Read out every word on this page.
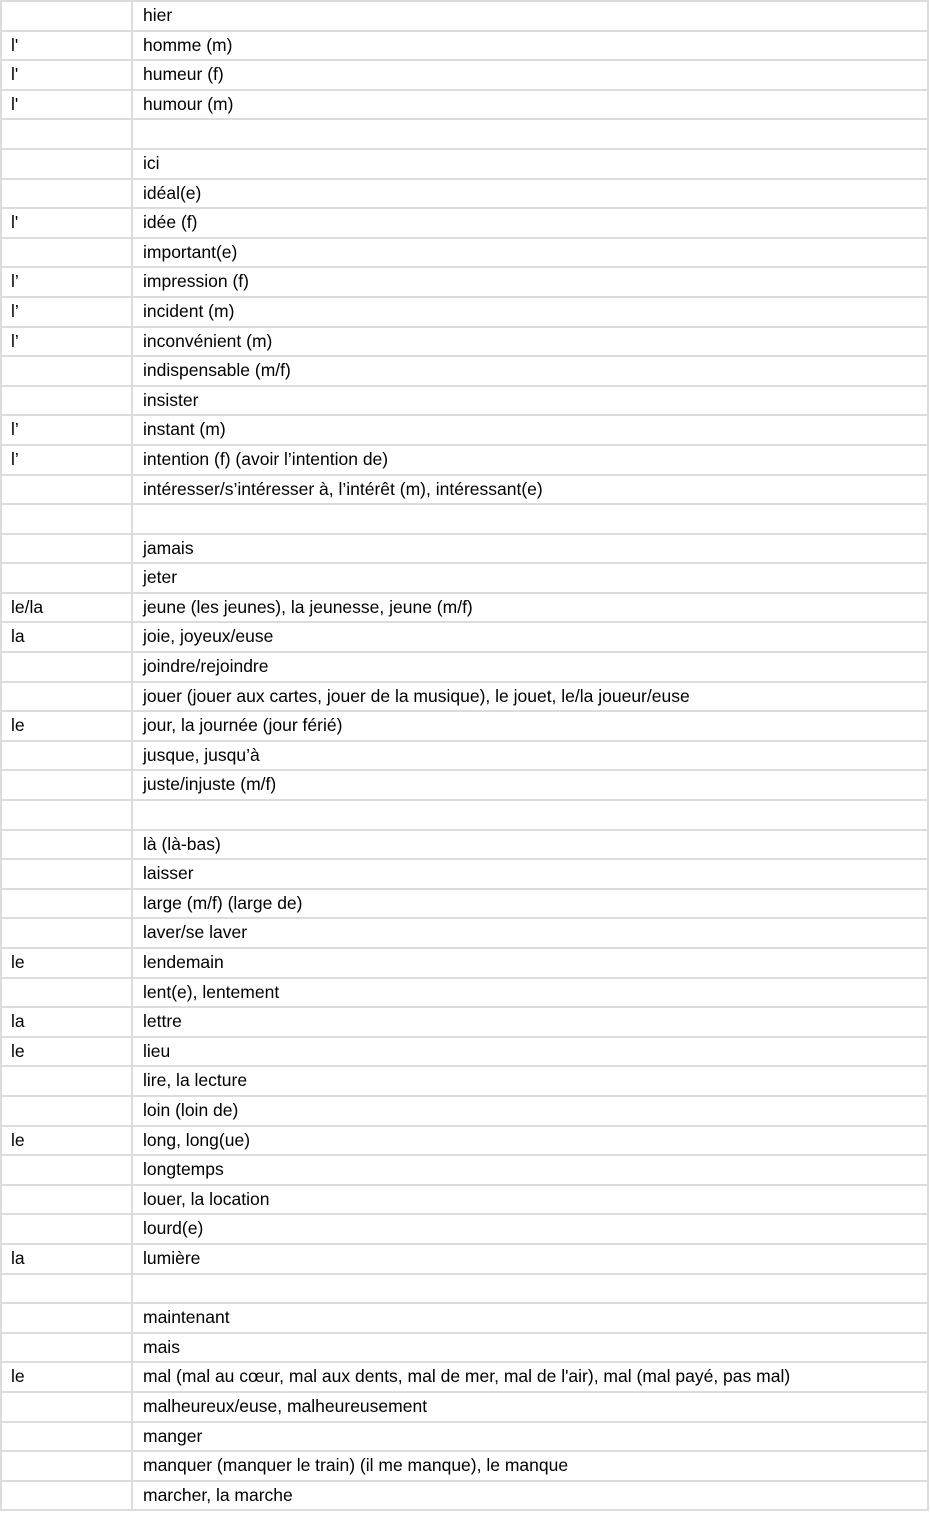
	hier
l'	homme (m)
l'	humeur (f)
l'	humour (m)

	ici
	idéal(e)
l'	idée (f)
	important(e)
l’	impression (f)
l’	incident (m)
l’	inconvénient (m)
	indispensable (m/f)
	insister
l’	instant (m)
l’	intention (f) (avoir l’intention de)
	intéresser/s’intéresser à, l’intérêt (m), intéressant(e)

	jamais
	jeter
le/la	jeune (les jeunes), la jeunesse, jeune (m/f)
la	joie, joyeux/euse
	joindre/rejoindre
	jouer (jouer aux cartes, jouer de la musique), le jouet, le/la joueur/euse
le	jour, la journée (jour férié)
	jusque, jusqu’à
	juste/injuste (m/f)

	là (là-bas)
	laisser
	large (m/f) (large de)
	laver/se laver
le	lendemain
	lent(e), lentement
la	lettre
le	lieu
	lire, la lecture
	loin (loin de)
le	long, long(ue)
	longtemps
	louer, la location
	lourd(e)
la	lumière

	maintenant
	mais
le	mal (mal au cœur, mal aux dents, mal de mer, mal de l'air), mal (mal payé, pas mal)
	malheureux/euse, malheureusement
	manger
	manquer (manquer le train) (il me manque), le manque
	marcher, la marche
